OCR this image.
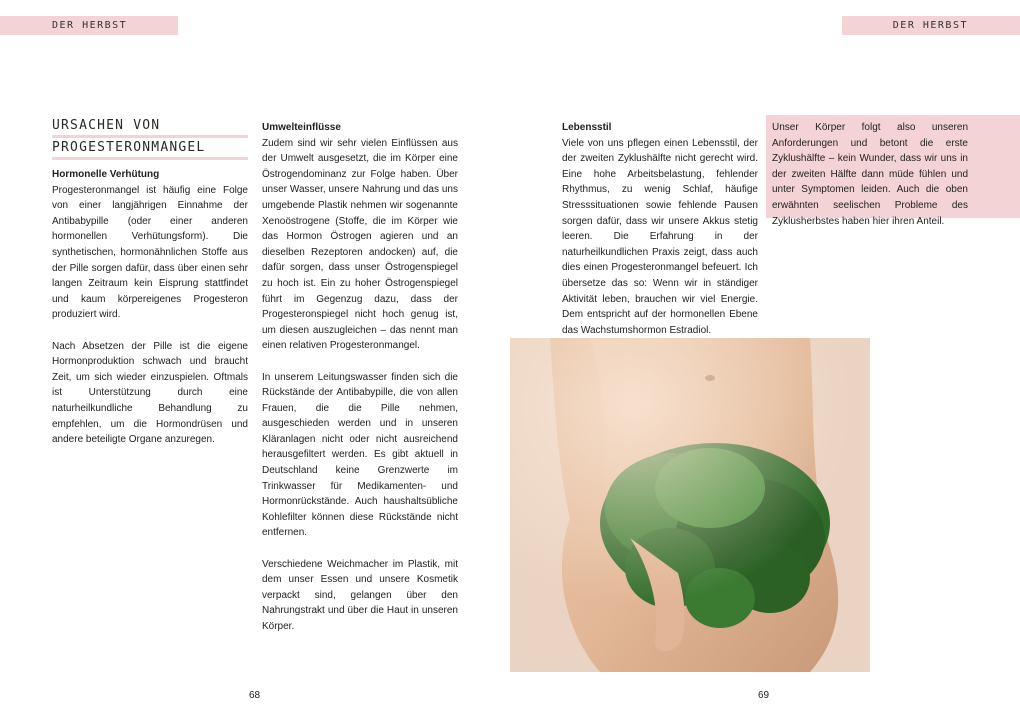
DER HERBST	DER HERBST
URSACHEN VON
PROGESTERONMANGEL
Hormonelle Verhütung

Progesteronmangel ist häufig eine Folge von einer langjährigen Einnahme der Antibabypille (oder einer anderen hormonellen Verhütungsform). Die synthetischen, hormonähnlichen Stoffe aus der Pille sorgen dafür, dass über einen sehr langen Zeitraum kein Eisprung stattfindet und kaum körpereigenes Progesteron produziert wird.

Nach Absetzen der Pille ist die eigene Hormonproduktion schwach und braucht Zeit, um sich wieder einzuspielen. Oftmals ist Unterstützung durch eine naturheilkundliche Behandlung zu empfehlen, um die Hormondrüsen und andere beteiligte Organe anzuregen.

Umwelteinflüsse

Zudem sind wir sehr vielen Einflüssen aus der Umwelt ausgesetzt, die im Körper eine Östrogendominanz zur Folge haben. Über unser Wasser, unsere Nahrung und das uns umgebende Plastik nehmen wir sogenannte Xenoöstrogene (Stoffe, die im Körper wie das Hormon Östrogen agieren und an dieselben Rezeptoren andocken) auf, die dafür sorgen, dass unser Östrogenspiegel zu hoch ist. Ein zu hoher Östrogenspiegel führt im Gegenzug dazu, dass der Progesteronspiegel nicht hoch genug ist, um diesen auszugleichen – das nennt man einen relativen Progesteronmangel.

In unserem Leitungswasser finden sich die Rückstände der Antibabypille, die von allen Frauen, die die Pille nehmen, ausgeschieden werden und in unseren Kläranlagen nicht oder nicht ausreichend herausgefiltert werden. Es gibt aktuell in Deutschland keine Grenzwerte im Trinkwasser für Medikamenten- und Hormonrückstände. Auch haushaltsübliche Kohlefilter können diese Rückstände nicht entfernen.

Verschiedene Weichmacher im Plastik, mit dem unser Essen und unsere Kosmetik verpackt sind, gelangen über den Nahrungstrakt und über die Haut in unseren Körper.

Lebensstil

Viele von uns pflegen einen Lebensstil, der der zweiten Zyklushälfte nicht gerecht wird. Eine hohe Arbeitsbelastung, fehlender Rhythmus, zu wenig Schlaf, häufige Stresssituationen sowie fehlende Pausen sorgen dafür, dass wir unsere Akkus stetig leeren. Die Erfahrung in der naturheilkundlichen Praxis zeigt, dass auch dies einen Progesteronmangel befeuert. Ich übersetze das so: Wenn wir in ständiger Aktivität leben, brauchen wir viel Energie. Dem entspricht auf der hormonellen Ebene das Wachstumshormon Estradiol.

Unser Körper folgt also unseren Anforderungen und betont die erste Zyklushälfte – kein Wunder, dass wir uns in der zweiten Hälfte dann müde fühlen und unter Symptomen leiden. Auch die oben erwähnten seelischen Probleme des Zyklusherbstes haben hier ihren Anteil.
68	69
